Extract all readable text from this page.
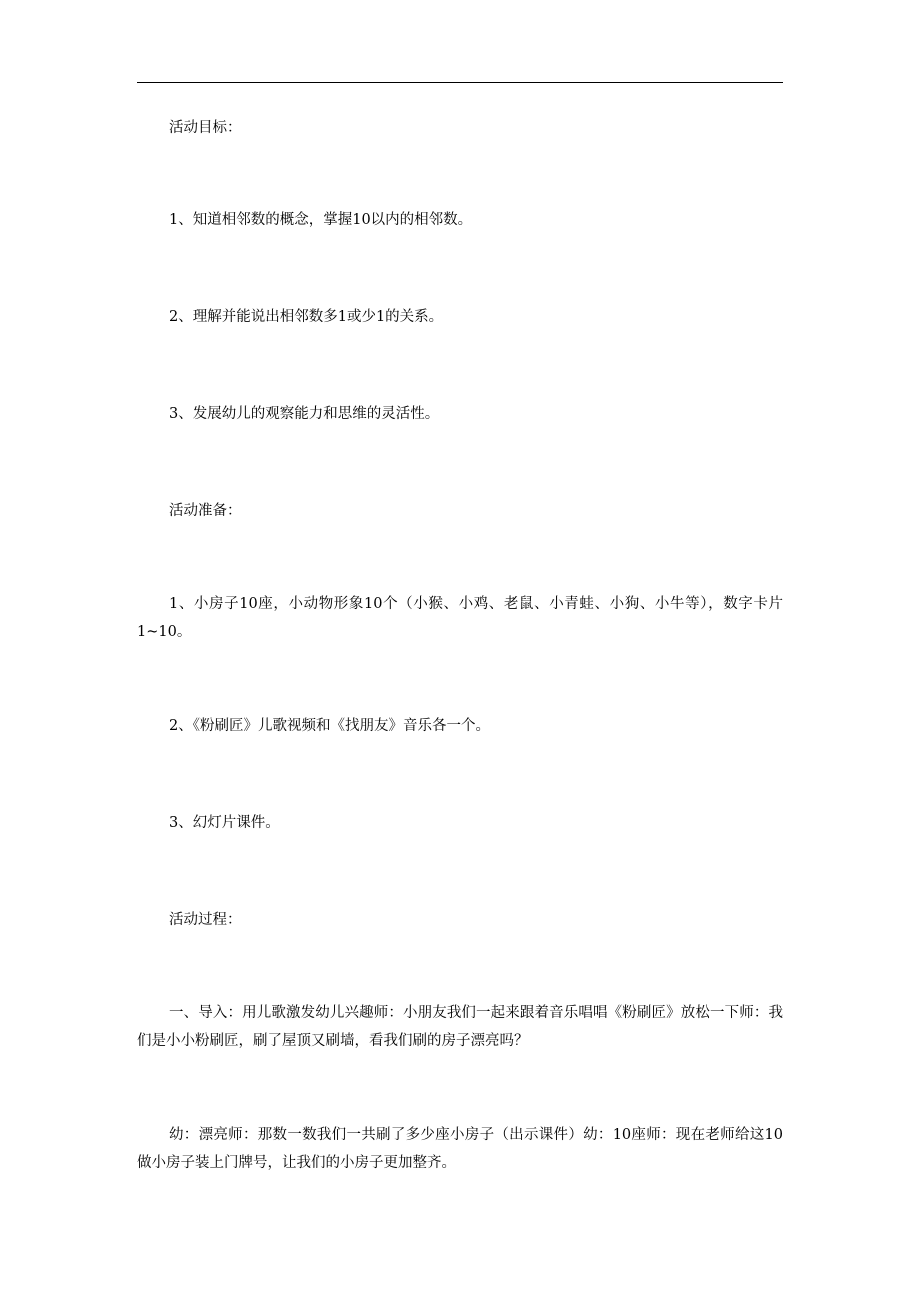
活动目标：

1、知道相邻数的概念，掌握10以内的相邻数。

2、理解并能说出相邻数多1或少1的关系。

3、发展幼儿的观察能力和思维的灵活性。

活动准备：

1、小房子10座，小动物形象10个（小猴、小鸡、老鼠、小青蛙、小狗、小牛等），数字卡片1~10。

2、《粉刷匠》儿歌视频和《找朋友》音乐各一个。

3、幻灯片课件。

活动过程：

一、导入：用儿歌激发幼儿兴趣师：小朋友我们一起来跟着音乐唱唱《粉刷匠》放松一下师：我们是小小粉刷匠，刷了屋顶又刷墙，看我们刷的房子漂亮吗？

幼：漂亮师：那数一数我们一共刷了多少座小房子（出示课件）幼：10座师：现在老师给这10做小房子装上门牌号，让我们的小房子更加整齐。
